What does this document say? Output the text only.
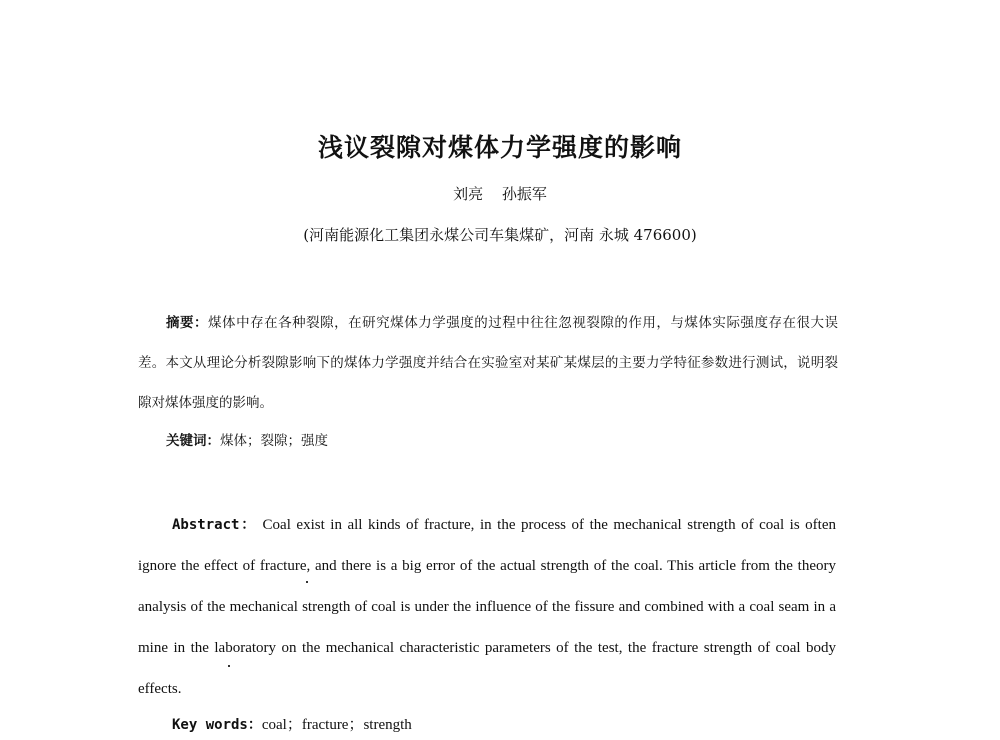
浅议裂隙对煤体力学强度的影响
刘亮 孙振军
(河南能源化工集团永煤公司车集煤矿，河南 永城 476600)
摘要：煤体中存在各种裂隙，在研究煤体力学强度的过程中往往忽视裂隙的作用，与煤体实际强度存在很大误差。本文从理论分析裂隙影响下的煤体力学强度并结合在实验室对某矿某煤层的主要力学特征参数进行测试，说明裂隙对煤体强度的影响。
关键词：煤体；裂隙；强度

Abstract： Coal exist in all kinds of fracture, in the process of the mechanical strength of coal is often ignore the effect of fracture, and there is a big error of the actual strength of the coal. This article from the theory analysis of the mechanical strength of coal is under the influence of the fissure and combined with a coal seam in a mine in the laboratory on the mechanical characteristic parameters of the test, the fracture strength of coal body effects.

Key words：coal；fracture；strength
